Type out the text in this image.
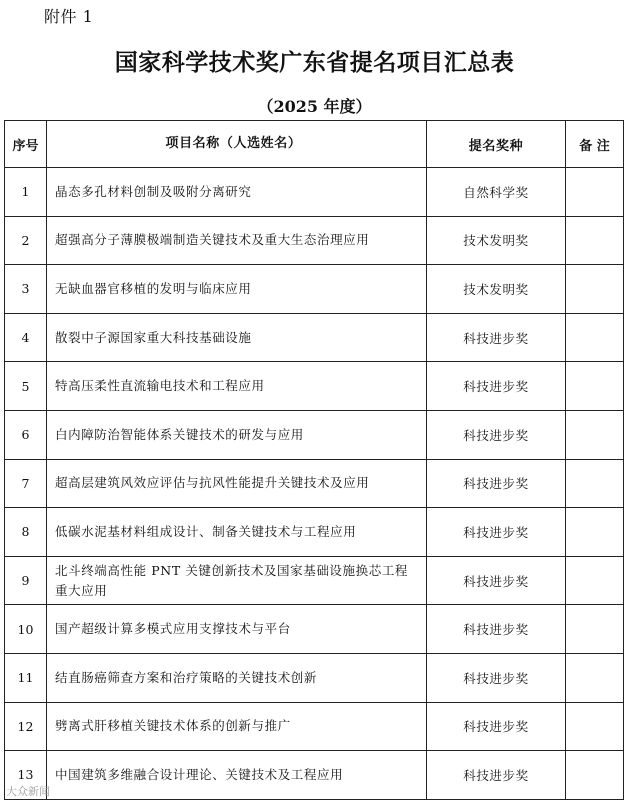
附件 1
国家科学技术奖广东省提名项目汇总表
（2025 年度）
序号	项目名称（人选姓名）	提名奖种	备 注
1	晶态多孔材料创制及吸附分离研究	自然科学奖	
2	超强高分子薄膜极端制造关键技术及重大生态治理应用	技术发明奖	
3	无缺血器官移植的发明与临床应用	技术发明奖	
4	散裂中子源国家重大科技基础设施	科技进步奖	
5	特高压柔性直流输电技术和工程应用	科技进步奖	
6	白内障防治智能体系关键技术的研发与应用	科技进步奖	
7	超高层建筑风效应评估与抗风性能提升关键技术及应用	科技进步奖	
8	低碳水泥基材料组成设计、制备关键技术与工程应用	科技进步奖	
9	北斗终端高性能 PNT 关键创新技术及国家基础设施换芯工程重大应用	科技进步奖	
10	国产超级计算多模式应用支撑技术与平台	科技进步奖	
11	结直肠癌筛查方案和治疗策略的关键技术创新	科技进步奖	
12	劈离式肝移植关键技术体系的创新与推广	科技进步奖	
13	中国建筑多维融合设计理论、关键技术及工程应用	科技进步奖	
大众新闻
